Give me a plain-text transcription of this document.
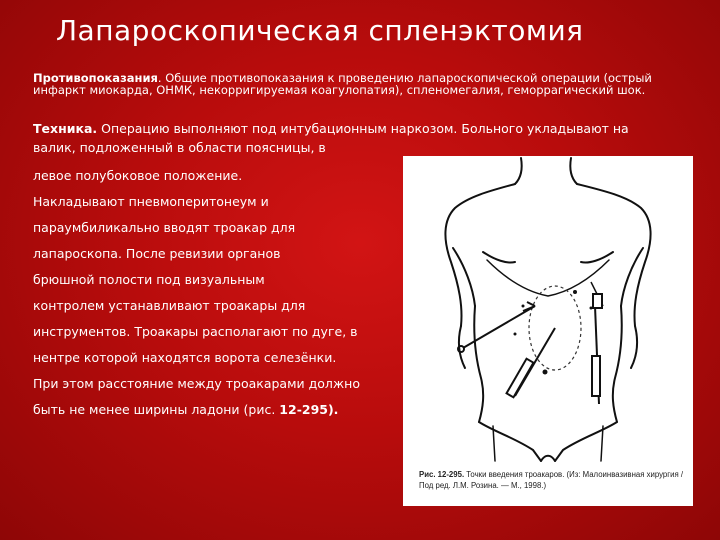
Лапароскопическая спленэктомия
Противопоказания. Общие противопоказания к проведению лапароскопической операции (острый инфаркт миокарда, ОНМК, некорригируемая коагулопатия), спленомегалия, геморрагический шок.
Техника. Операцию выполняют под интубационным наркозом. Больного укладывают на
валик, подложенный в области поясницы, в
левое полубоковое положение.
Накладывают пневмоперитонеум и
параумбиликально вводят троакар для
лапароскопа. После ревизии органов
брюшной полости под визуальным
контролем устанавливают троакары для
инструментов. Троакары располагают по дуге, в
нентре которой находятся ворота селезёнки.
При этом расстояние между троакарами должно
быть не менее ширины ладони (рис. 12-295).
Рис. 12-295. Точки введения троакаров. (Из: Малоинвазивная хирургия / Под ред. Л.М. Розина. — М., 1998.)
